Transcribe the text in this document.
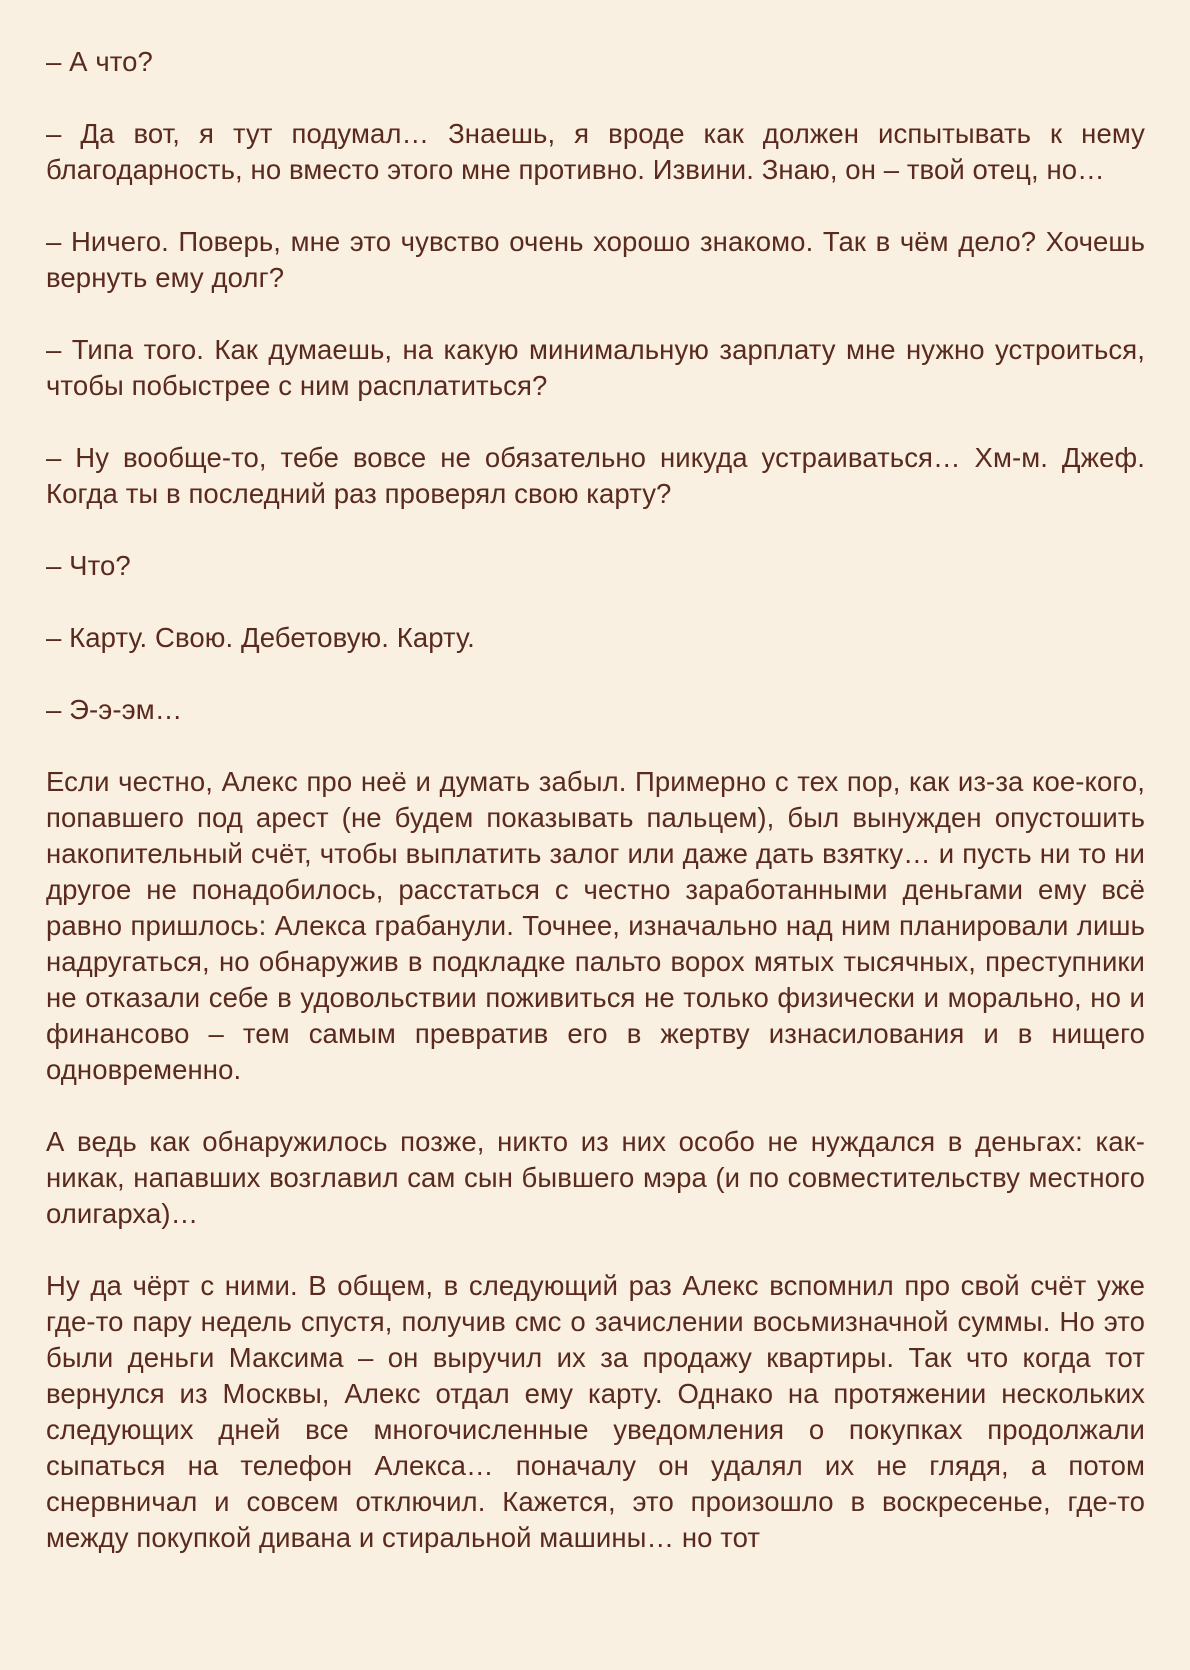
– А что?

– Да вот, я тут подумал… Знаешь, я вроде как должен испытывать к нему благодарность, но вместо этого мне противно. Извини. Знаю, он – твой отец, но…

– Ничего. Поверь, мне это чувство очень хорошо знакомо. Так в чём дело? Хочешь вернуть ему долг?

– Типа того. Как думаешь, на какую минимальную зарплату мне нужно устроиться, чтобы побыстрее с ним расплатиться?

– Ну вообще-то, тебе вовсе не обязательно никуда устраиваться… Хм-м. Джеф. Когда ты в последний раз проверял свою карту?

– Что?

– Карту. Свою. Дебетовую. Карту.

– Э-э-эм…

Если честно, Алекс про неё и думать забыл. Примерно с тех пор, как из-за кое-кого, попавшего под арест (не будем показывать пальцем), был вынужден опустошить накопительный счёт, чтобы выплатить залог или даже дать взятку… и пусть ни то ни другое не понадобилось, расстаться с честно заработанными деньгами ему всё равно пришлось: Алекса грабанули. Точнее, изначально над ним планировали лишь надругаться, но обнаружив в подкладке пальто ворох мятых тысячных, преступники не отказали себе в удовольствии поживиться не только физически и морально, но и финансово – тем самым превратив его в жертву изнасилования и в нищего одновременно.

А ведь как обнаружилось позже, никто из них особо не нуждался в деньгах: как-никак, напавших возглавил сам сын бывшего мэра (и по совместительству местного олигарха)…

Ну да чёрт с ними. В общем, в следующий раз Алекс вспомнил про свой счёт уже где-то пару недель спустя, получив смс о зачислении восьмизначной суммы. Но это были деньги Максима – он выручил их за продажу квартиры. Так что когда тот вернулся из Москвы, Алекс отдал ему карту. Однако на протяжении нескольких следующих дней все многочисленные уведомления о покупках продолжали сыпаться на телефон Алекса… поначалу он удалял их не глядя, а потом снервничал и совсем отключил. Кажется, это произошло в воскресенье, где-то между покупкой дивана и стиральной машины… но тот
